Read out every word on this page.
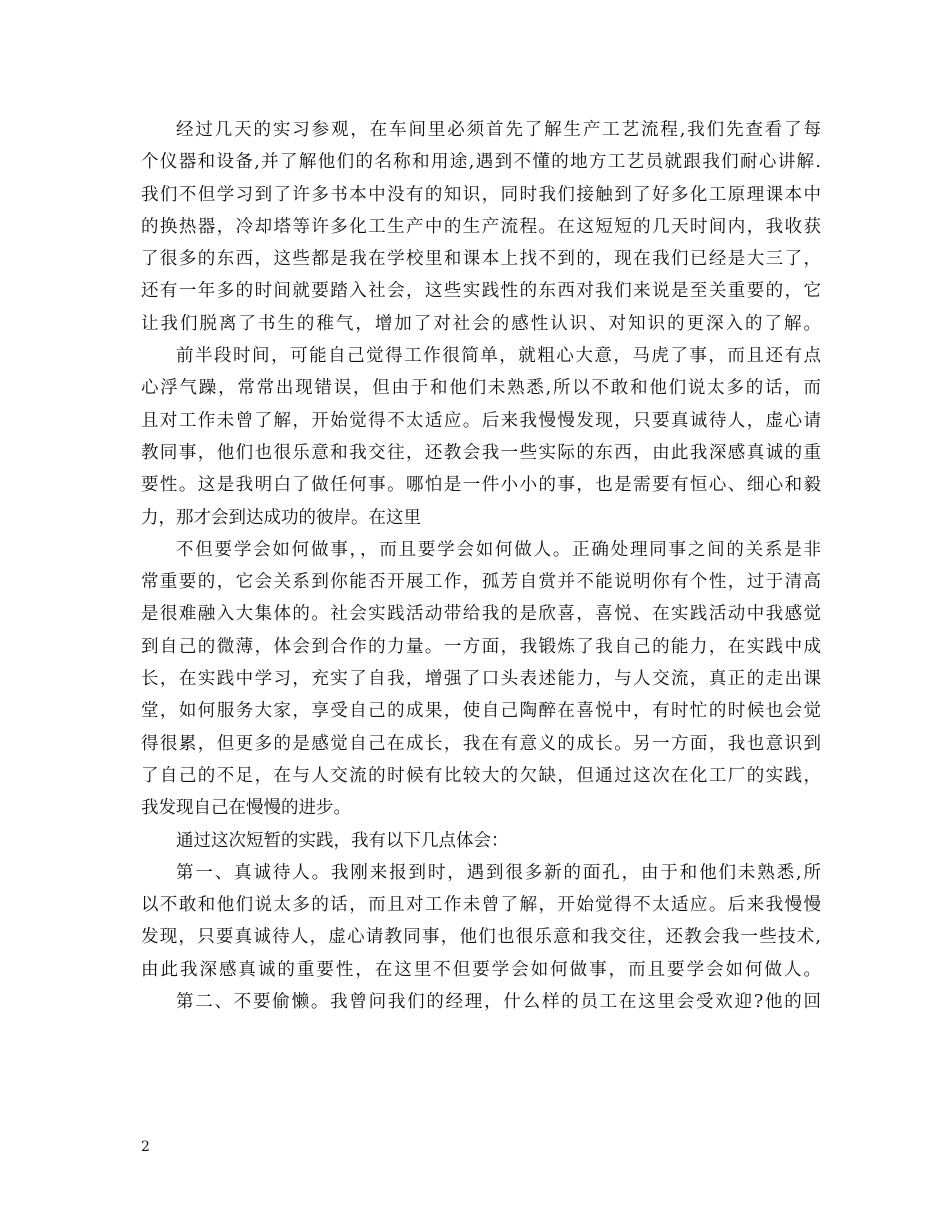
经过几天的实习参观，在车间里必须首先了解生产工艺流程,我们先查看了每
个仪器和设备,并了解他们的名称和用途,遇到不懂的地方工艺员就跟我们耐心讲解.
我们不但学习到了许多书本中没有的知识，同时我们接触到了好多化工原理课本中
的换热器，冷却塔等许多化工生产中的生产流程。在这短短的几天时间内，我收获
了很多的东西，这些都是我在学校里和课本上找不到的，现在我们已经是大三了，
还有一年多的时间就要踏入社会，这些实践性的东西对我们来说是至关重要的，它
让我们脱离了书生的稚气，增加了对社会的感性认识、对知识的更深入的了解。
前半段时间，可能自己觉得工作很简单，就粗心大意，马虎了事，而且还有点
心浮气躁，常常出现错误，但由于和他们未熟悉,所以不敢和他们说太多的话，而
且对工作未曾了解，开始觉得不太适应。后来我慢慢发现，只要真诚待人，虚心请
教同事，他们也很乐意和我交往，还教会我一些实际的东西，由此我深感真诚的重
要性。这是我明白了做任何事。哪怕是一件小小的事，也是需要有恒心、细心和毅
力，那才会到达成功的彼岸。在这里
不但要学会如何做事，，而且要学会如何做人。正确处理同事之间的关系是非
常重要的，它会关系到你能否开展工作，孤芳自赏并不能说明你有个性，过于清高
是很难融入大集体的。社会实践活动带给我的是欣喜，喜悦、在实践活动中我感觉
到自己的微薄，体会到合作的力量。一方面，我锻炼了我自己的能力，在实践中成
长，在实践中学习，充实了自我，增强了口头表述能力，与人交流，真正的走出课
堂，如何服务大家，享受自己的成果，使自己陶醉在喜悦中，有时忙的时候也会觉
得很累，但更多的是感觉自己在成长，我在有意义的成长。另一方面，我也意识到
了自己的不足，在与人交流的时候有比较大的欠缺，但通过这次在化工厂的实践，
我发现自己在慢慢的进步。
通过这次短暂的实践，我有以下几点体会：
第一、真诚待人。我刚来报到时，遇到很多新的面孔，由于和他们未熟悉,所
以不敢和他们说太多的话，而且对工作未曾了解，开始觉得不太适应。后来我慢慢
发现，只要真诚待人，虚心请教同事，他们也很乐意和我交往，还教会我一些技术,
由此我深感真诚的重要性，在这里不但要学会如何做事，而且要学会如何做人。
第二、不要偷懒。我曾问我们的经理，什么样的员工在这里会受欢迎?他的回
2
